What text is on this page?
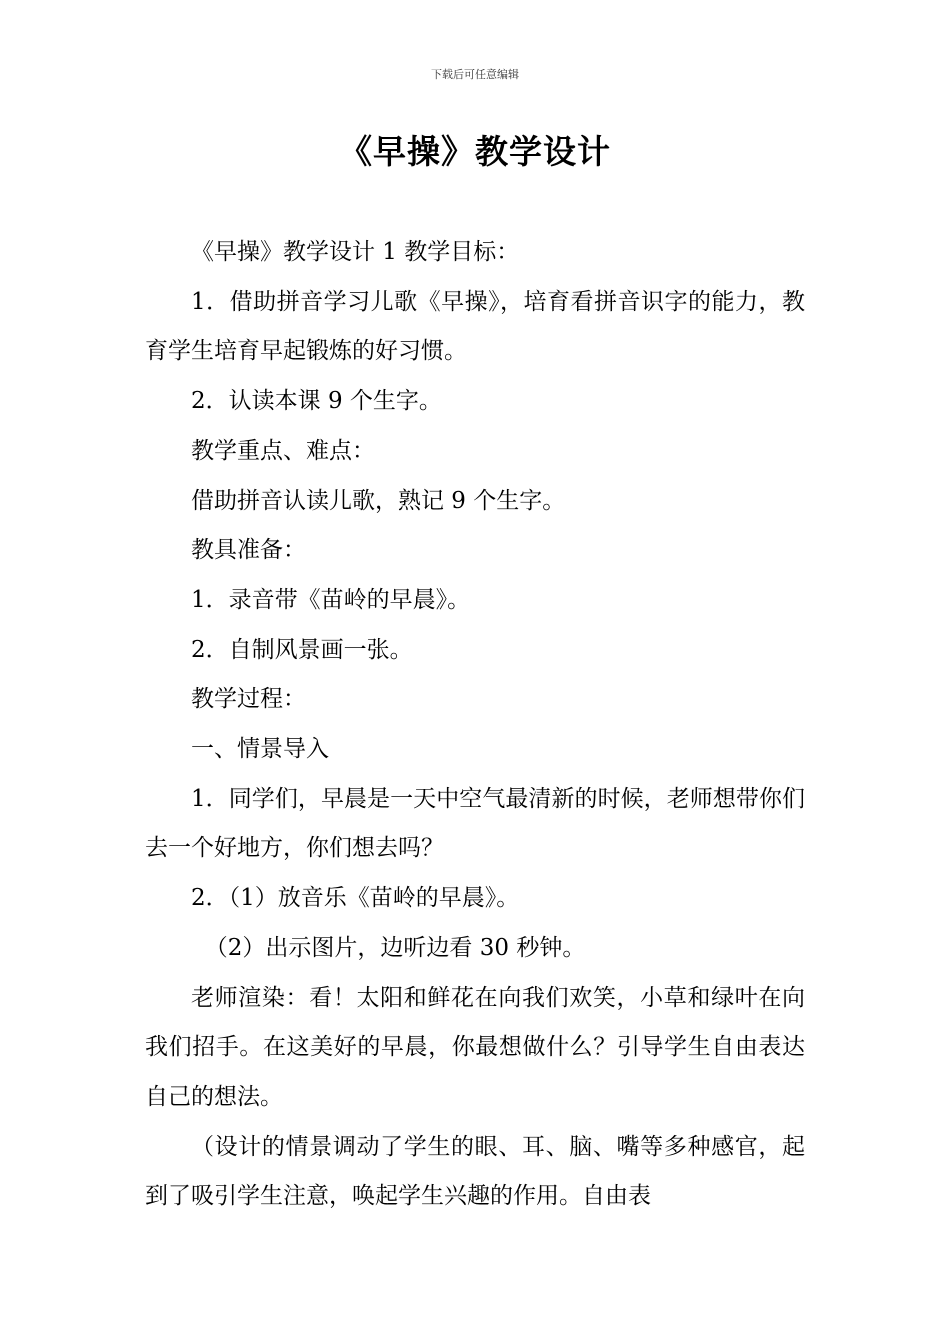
下载后可任意编辑
《早操》教学设计

《早操》教学设计 1 教学目标：

1．借助拼音学习儿歌《早操》，培育看拼音识字的能力，教育学生培育早起锻炼的好习惯。

2．认读本课 9 个生字。

教学重点、难点：

借助拼音认读儿歌，熟记 9 个生字。

教具准备：

1．录音带《苗岭的早晨》。

2．自制风景画一张。

教学过程：

一、情景导入

1．同学们，早晨是一天中空气最清新的时候，老师想带你们去一个好地方，你们想去吗？

2．（1）放音乐《苗岭的早晨》。

（2）出示图片，边听边看 30 秒钟。

老师渲染：看！太阳和鲜花在向我们欢笑，小草和绿叶在向我们招手。在这美好的早晨，你最想做什么？引导学生自由表达自己的想法。

（设计的情景调动了学生的眼、耳、脑、嘴等多种感官，起到了吸引学生注意，唤起学生兴趣的作用。自由表
